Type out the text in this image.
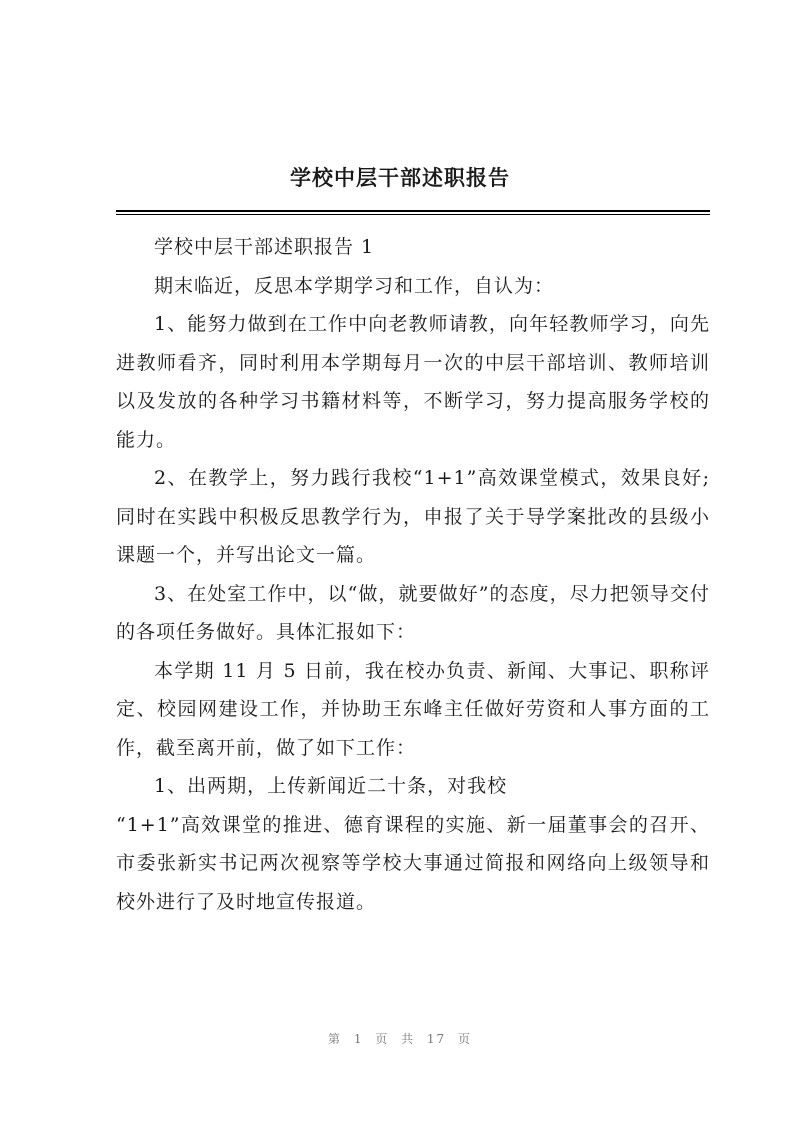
学校中层干部述职报告

学校中层干部述职报告 1

期末临近，反思本学期学习和工作，自认为：

1、能努力做到在工作中向老教师请教，向年轻教师学习，向先进教师看齐，同时利用本学期每月一次的中层干部培训、教师培训以及发放的各种学习书籍材料等，不断学习，努力提高服务学校的能力。

2、在教学上，努力践行我校“1+1”高效课堂模式，效果良好;同时在实践中积极反思教学行为，申报了关于导学案批改的县级小课题一个，并写出论文一篇。

3、在处室工作中，以“做，就要做好”的态度，尽力把领导交付的各项任务做好。具体汇报如下：

本学期 11 月 5 日前，我在校办负责、新闻、大事记、职称评定、校园网建设工作，并协助王东峰主任做好劳资和人事方面的工作，截至离开前，做了如下工作：

1、出两期，上传新闻近二十条，对我校

“1+1”高效课堂的推进、德育课程的实施、新一届董事会的召开、市委张新实书记两次视察等学校大事通过简报和网络向上级领导和校外进行了及时地宣传报道。

第 1 页 共 17 页
